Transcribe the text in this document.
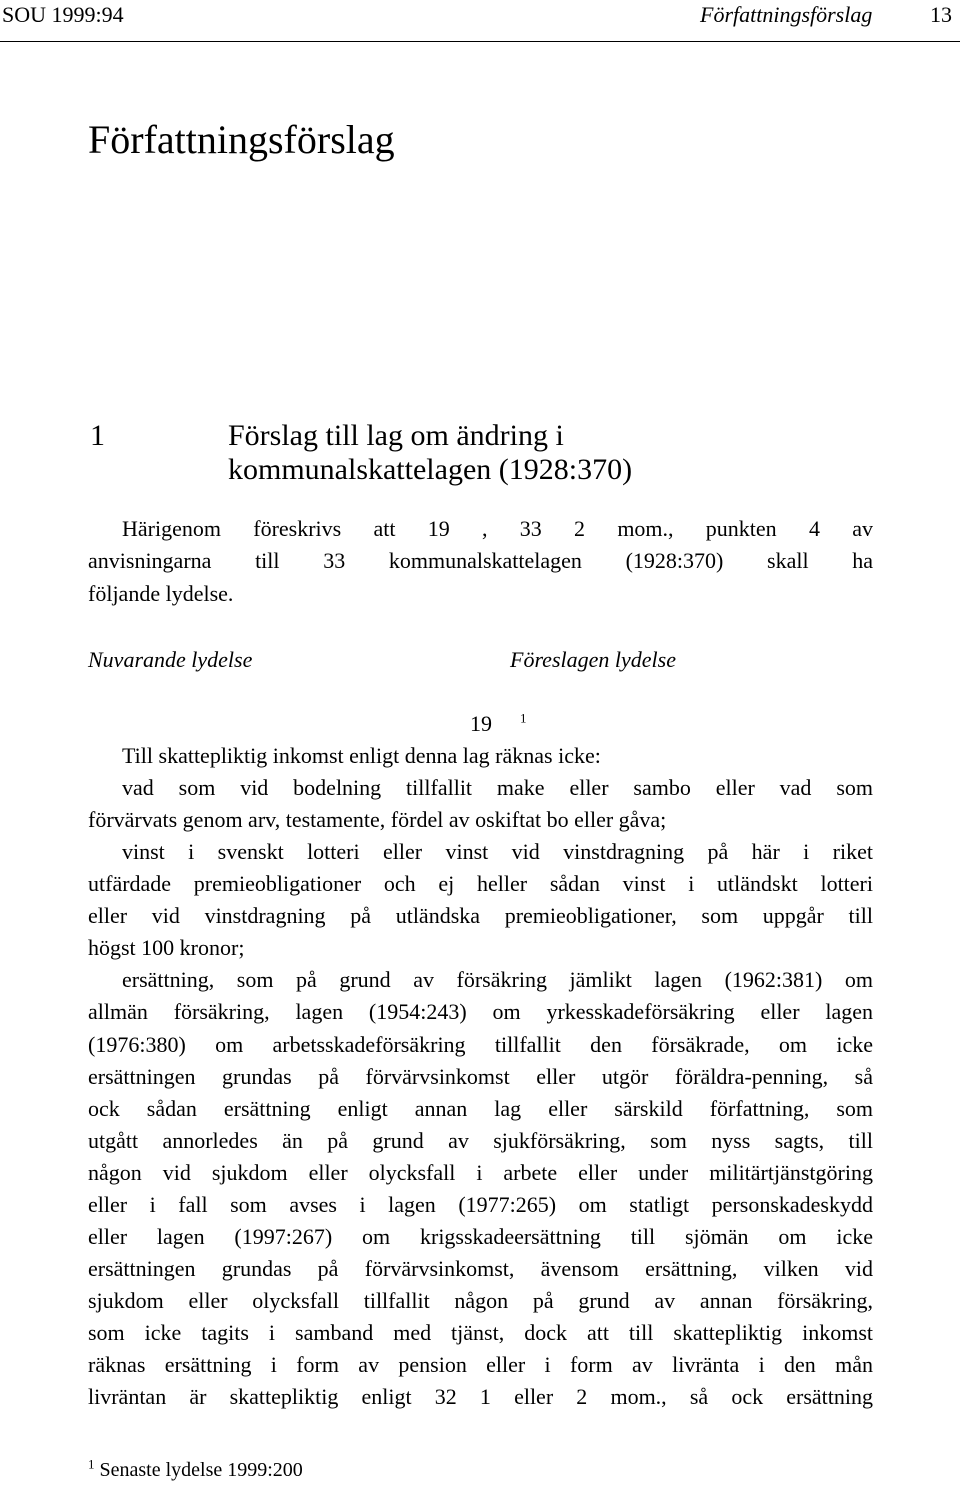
SOU 1999:94	Författningsförslag	13
Författningsförslag
1	Förslag till lag om ändring i
kommunalskattelagen (1928:370)
Härigenom föreskrivs att 19 , 33 2 mom., punkten 4 av
anvisningarna till 33 kommunalskattelagen (1928:370) skall ha
följande lydelse.
Nuvarande lydelse	Föreslagen lydelse
19 $^1$
Till skattepliktig inkomst enligt denna lag räknas icke:
vad som vid bodelning tillfallit make eller sambo eller vad som
förvärvats genom arv, testamente, fördel av oskiftat bo eller gåva;
vinst i svenskt lotteri eller vinst vid vinstdragning på här i riket
utfärdade premieobligationer och ej heller sådan vinst i utländskt lotteri
eller vid vinstdragning på utländska premieobligationer, som uppgår till
högst 100 kronor;
ersättning, som på grund av försäkring jämlikt lagen (1962:381) om
allmän försäkring, lagen (1954:243) om yrkesskadeförsäkring eller lagen
(1976:380) om arbetsskadeförsäkring tillfallit den försäkrade, om icke
ersättningen grundas på förvärvsinkomst eller utgör föräldra-penning, så
ock sådan ersättning enligt annan lag eller särskild författning, som
utgått annorledes än på grund av sjukförsäkring, som nyss sagts, till
någon vid sjukdom eller olycksfall i arbete eller under militärtjänstgöring
eller i fall som avses i lagen (1977:265) om statligt personskadeskydd
eller lagen (1997:267) om krigsskadeersättning till sjömän om icke
ersättningen grundas på förvärvsinkomst, ävensom ersättning, vilken vid
sjukdom eller olycksfall tillfallit någon på grund av annan försäkring,
som icke tagits i samband med tjänst, dock att till skattepliktig inkomst
räknas ersättning i form av pension eller i form av livränta i den mån
livräntan är skattepliktig enligt 32 1 eller 2 mom., så ock ersättning
$^1$ Senaste lydelse 1999:200
